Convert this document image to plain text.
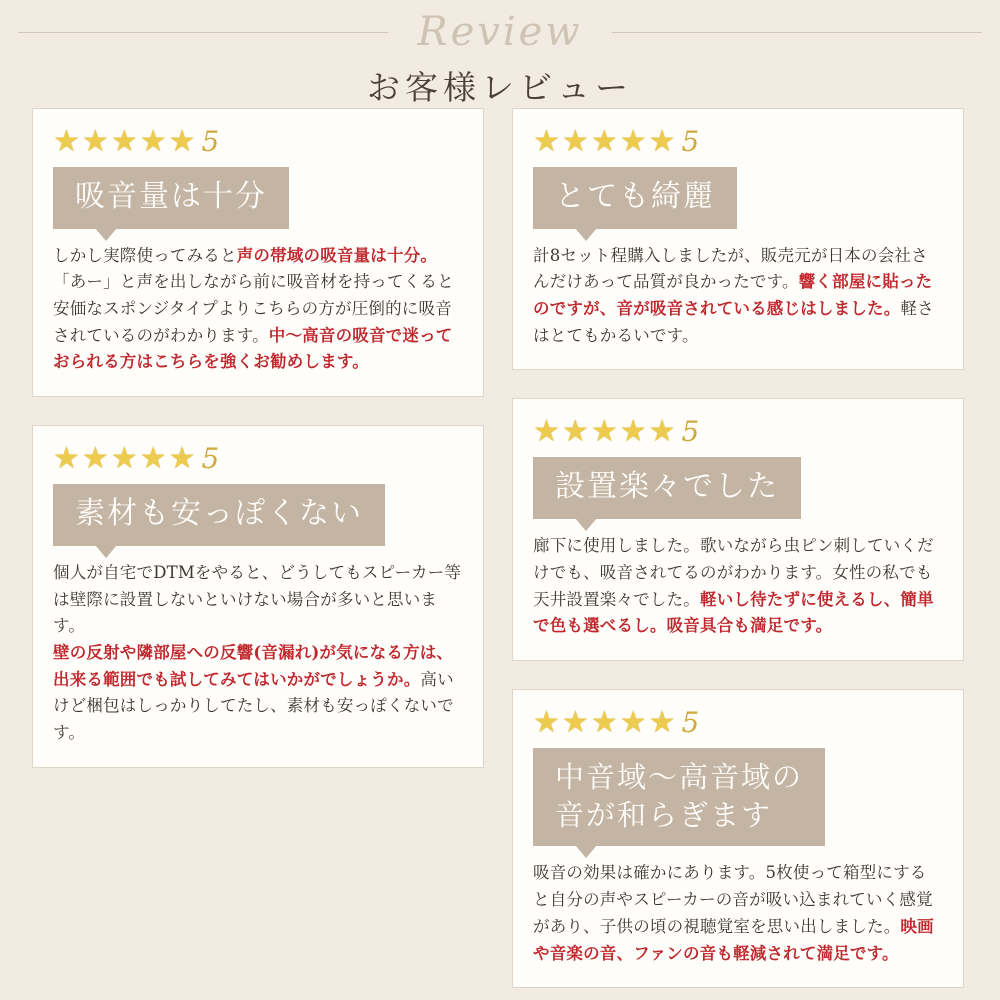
Review
お客様レビュー
★ ★ ★ ★ ★ 5
吸音量は十分
しかし実際使ってみると声の帯域の吸音量は十分。
「あー」と声を出しながら前に吸音材を持ってくると安価なスポンジタイプよりこちらの方が圧倒的に吸音されているのがわかります。中〜高音の吸音で迷っておられる方はこちらを強くお勧めします。
★ ★ ★ ★ ★ 5
素材も安っぽくない
個人が自宅でDTMをやると、どうしてもスピーカー等は壁際に設置しないといけない場合が多いと思います。
壁の反射や隣部屋への反響(音漏れ)が気になる方は、出来る範囲でも試してみてはいかがでしょうか。高いけど梱包はしっかりしてたし、素材も安っぽくないです。
★ ★ ★ ★ ★ 5
とても綺麗
計8セット程購入しましたが、販売元が日本の会社さんだけあって品質が良かったです。響く部屋に貼ったのですが、音が吸音されている感じはしました。軽さはとてもかるいです。
★ ★ ★ ★ ★ 5
設置楽々でした
廊下に使用しました。歌いながら虫ピン刺していくだけでも、吸音されてるのがわかります。女性の私でも天井設置楽々でした。軽いし待たずに使えるし、簡単で色も選べるし。吸音具合も満足です。
★ ★ ★ ★ ★ 5
中音域〜高音域の
音が和らぎます
吸音の効果は確かにあります。5枚使って箱型にすると自分の声やスピーカーの音が吸い込まれていく感覚があり、子供の頃の視聴覚室を思い出しました。映画や音楽の音、ファンの音も軽減されて満足です。
